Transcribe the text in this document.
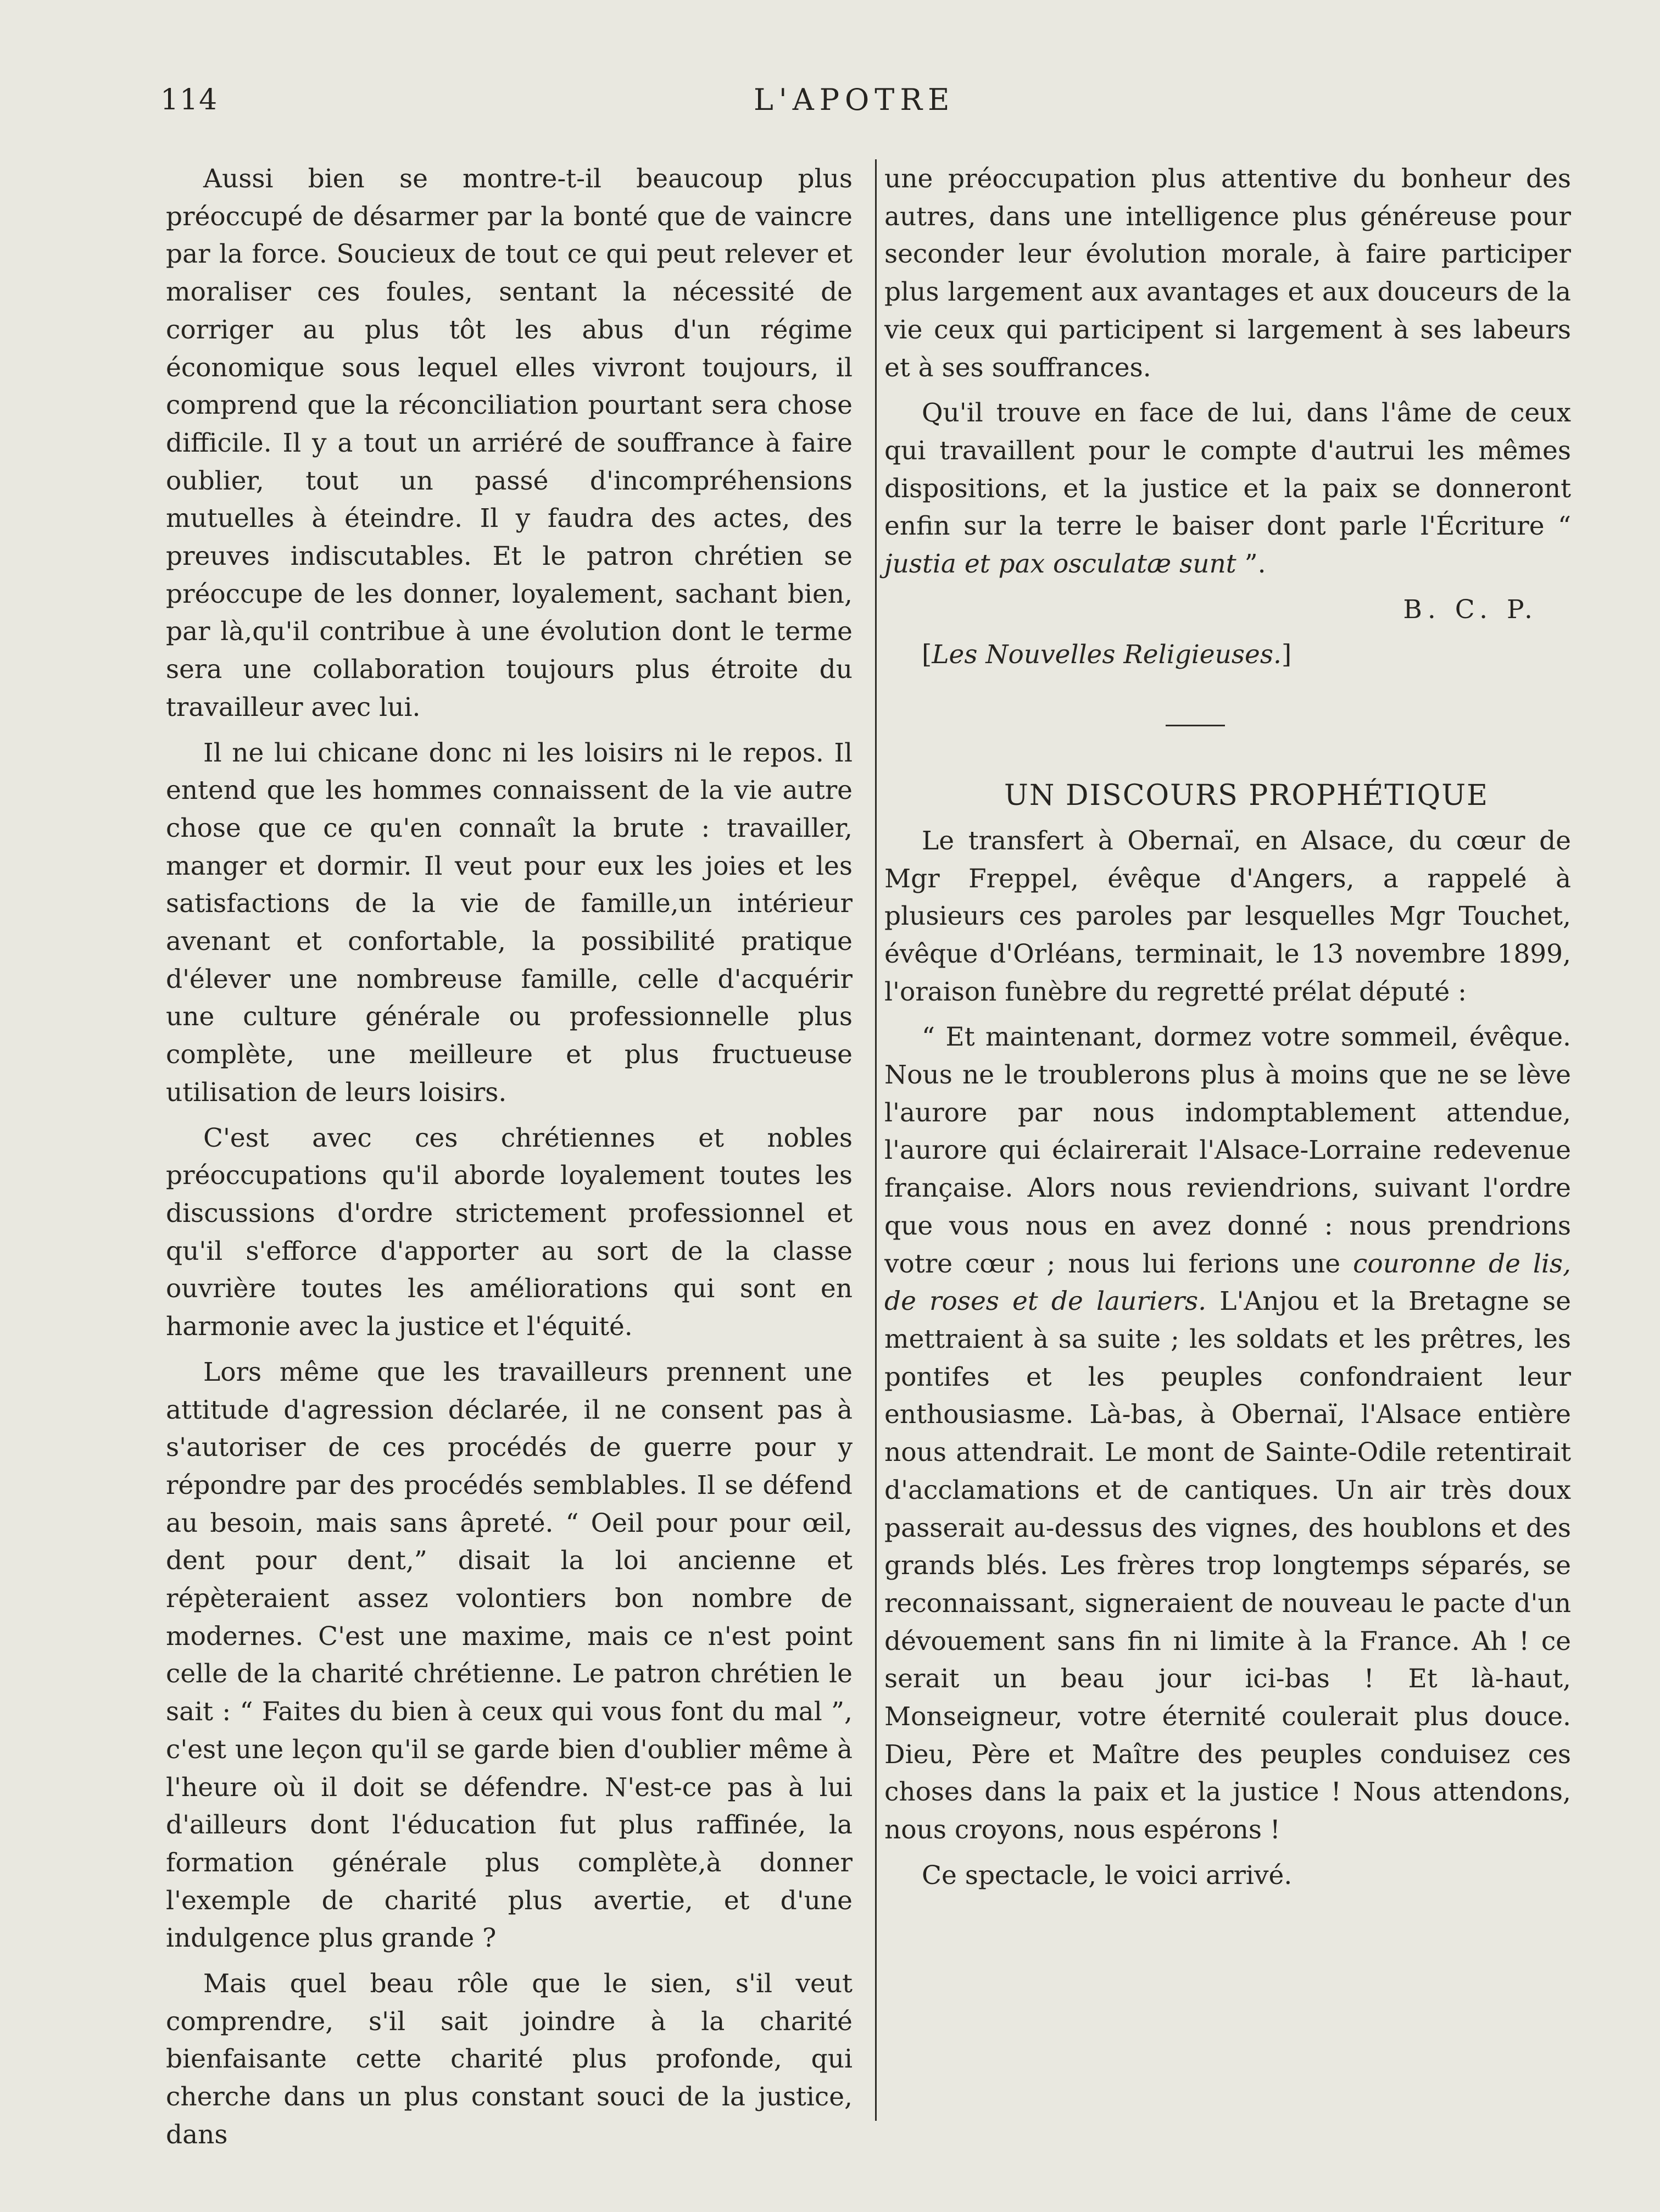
114	L'APOTRE

Aussi bien se montre-t-il beaucoup plus préoccupé de désarmer par la bonté que de vaincre par la force. Soucieux de tout ce qui peut relever et moraliser ces foules, sentant la nécessité de corriger au plus tôt les abus d'un régime économique sous lequel elles vivront toujours, il comprend que la réconciliation pourtant sera chose difficile. Il y a tout un arriéré de souffrance à faire oublier, tout un passé d'incompréhensions mutuelles à éteindre. Il y faudra des actes, des preuves indiscutables. Et le patron chrétien se préoccupe de les donner, loyalement, sachant bien, par là,qu'il contribue à une évolution dont le terme sera une collaboration toujours plus étroite du travailleur avec lui.

Il ne lui chicane donc ni les loisirs ni le repos. Il entend que les hommes connaissent de la vie autre chose que ce qu'en connaît la brute : travailler, manger et dormir. Il veut pour eux les joies et les satisfactions de la vie de famille,un intérieur avenant et confortable, la possibilité pratique d'élever une nombreuse famille, celle d'acquérir une culture générale ou professionnelle plus complète, une meilleure et plus fructueuse utilisation de leurs loisirs.

C'est avec ces chrétiennes et nobles préoccupations qu'il aborde loyalement toutes les discussions d'ordre strictement professionnel et qu'il s'efforce d'apporter au sort de la classe ouvrière toutes les améliorations qui sont en harmonie avec la justice et l'équité.

Lors même que les travailleurs prennent une attitude d'agression déclarée, il ne consent pas à s'autoriser de ces procédés de guerre pour y répondre par des procédés semblables. Il se défend au besoin, mais sans âpreté. “ Oeil pour pour œil, dent pour dent,” disait la loi ancienne et répèteraient assez volontiers bon nombre de modernes. C'est une maxime, mais ce n'est point celle de la charité chrétienne. Le patron chrétien le sait : “ Faites du bien à ceux qui vous font du mal ”, c'est une leçon qu'il se garde bien d'oublier même à l'heure où il doit se défendre. N'est-ce pas à lui d'ailleurs dont l'éducation fut plus raffinée, la formation générale plus complète,à donner l'exemple de charité plus avertie, et d'une indulgence plus grande ?

Mais quel beau rôle que le sien, s'il veut comprendre, s'il sait joindre à la charité bienfaisante cette charité plus profonde, qui cherche dans un plus constant souci de la justice, dans

une préoccupation plus attentive du bonheur des autres, dans une intelligence plus généreuse pour seconder leur évolution morale, à faire participer plus largement aux avantages et aux douceurs de la vie ceux qui participent si largement à ses labeurs et à ses souffrances.

Qu'il trouve en face de lui, dans l'âme de ceux qui travaillent pour le compte d'autrui les mêmes dispositions, et la justice et la paix se donneront enfin sur la terre le baiser dont parle l'Écriture “ justia et pax osculatæ sunt ”.

B. C. P.

[Les Nouvelles Religieuses.]

UN DISCOURS PROPHÉTIQUE

Le transfert à Obernaï, en Alsace, du cœur de Mgr Freppel, évêque d'Angers, a rappelé à plusieurs ces paroles par lesquelles Mgr Touchet, évêque d'Orléans, terminait, le 13 novembre 1899, l'oraison funèbre du regretté prélat député :

“ Et maintenant, dormez votre sommeil, évêque. Nous ne le troublerons plus à moins que ne se lève l'aurore par nous indomptablement attendue, l'aurore qui éclairerait l'Alsace-Lorraine redevenue française. Alors nous reviendrions, suivant l'ordre que vous nous en avez donné : nous prendrions votre cœur ; nous lui ferions une couronne de lis, de roses et de lauriers. L'Anjou et la Bretagne se mettraient à sa suite ; les soldats et les prêtres, les pontifes et les peuples confondraient leur enthousiasme. Là-bas, à Obernaï, l'Alsace entière nous attendrait. Le mont de Sainte-Odile retentirait d'acclamations et de cantiques. Un air très doux passerait au-dessus des vignes, des houblons et des grands blés. Les frères trop longtemps séparés, se reconnaissant, signeraient de nouveau le pacte d'un dévouement sans fin ni limite à la France. Ah ! ce serait un beau jour ici-bas ! Et là-haut, Monseigneur, votre éternité coulerait plus douce. Dieu, Père et Maître des peuples conduisez ces choses dans la paix et la justice ! Nous attendons, nous croyons, nous espérons !

Ce spectacle, le voici arrivé.
